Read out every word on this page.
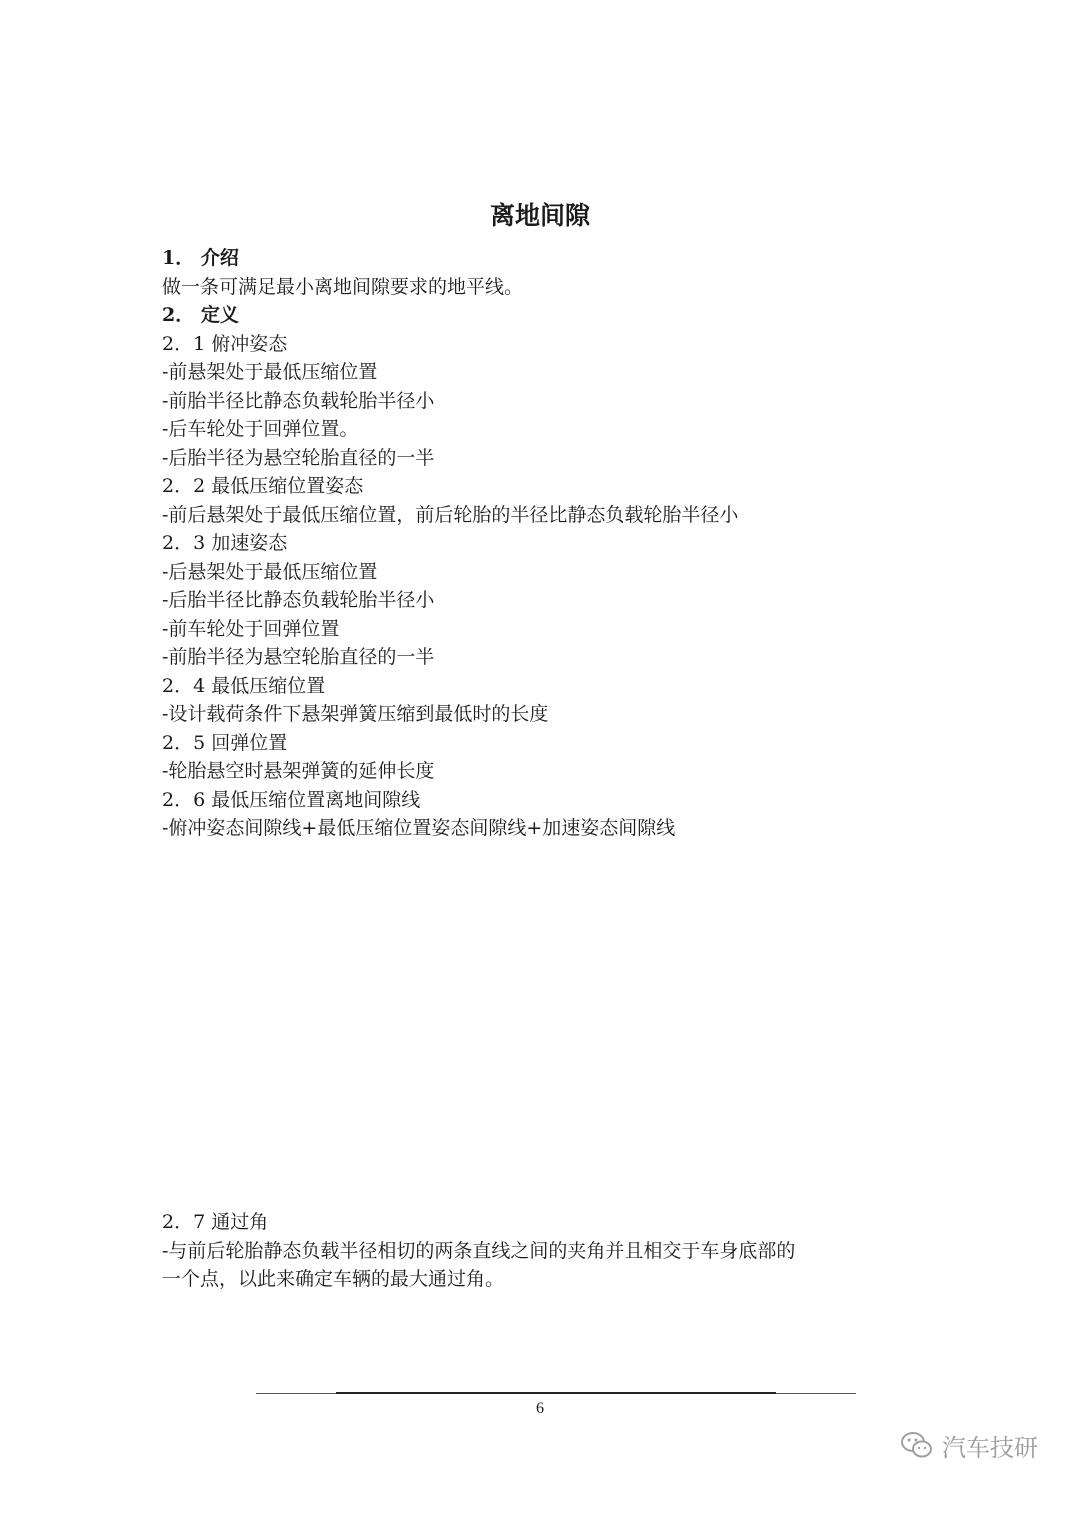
离地间隙
1． 介绍
做一条可满足最小离地间隙要求的地平线。
2． 定义
2．1 俯冲姿态
-前悬架处于最低压缩位置
-前胎半径比静态负载轮胎半径小
-后车轮处于回弹位置。
-后胎半径为悬空轮胎直径的一半
2．2 最低压缩位置姿态
-前后悬架处于最低压缩位置，前后轮胎的半径比静态负载轮胎半径小
2．3 加速姿态
-后悬架处于最低压缩位置
-后胎半径比静态负载轮胎半径小
-前车轮处于回弹位置
-前胎半径为悬空轮胎直径的一半
2．4 最低压缩位置
-设计载荷条件下悬架弹簧压缩到最低时的长度
2．5 回弹位置
-轮胎悬空时悬架弹簧的延伸长度
2．6 最低压缩位置离地间隙线
-俯冲姿态间隙线+最低压缩位置姿态间隙线+加速姿态间隙线
2．7 通过角
-与前后轮胎静态负载半径相切的两条直线之间的夹角并且相交于车身底部的
一个点，以此来确定车辆的最大通过角。
6
汽车技研
